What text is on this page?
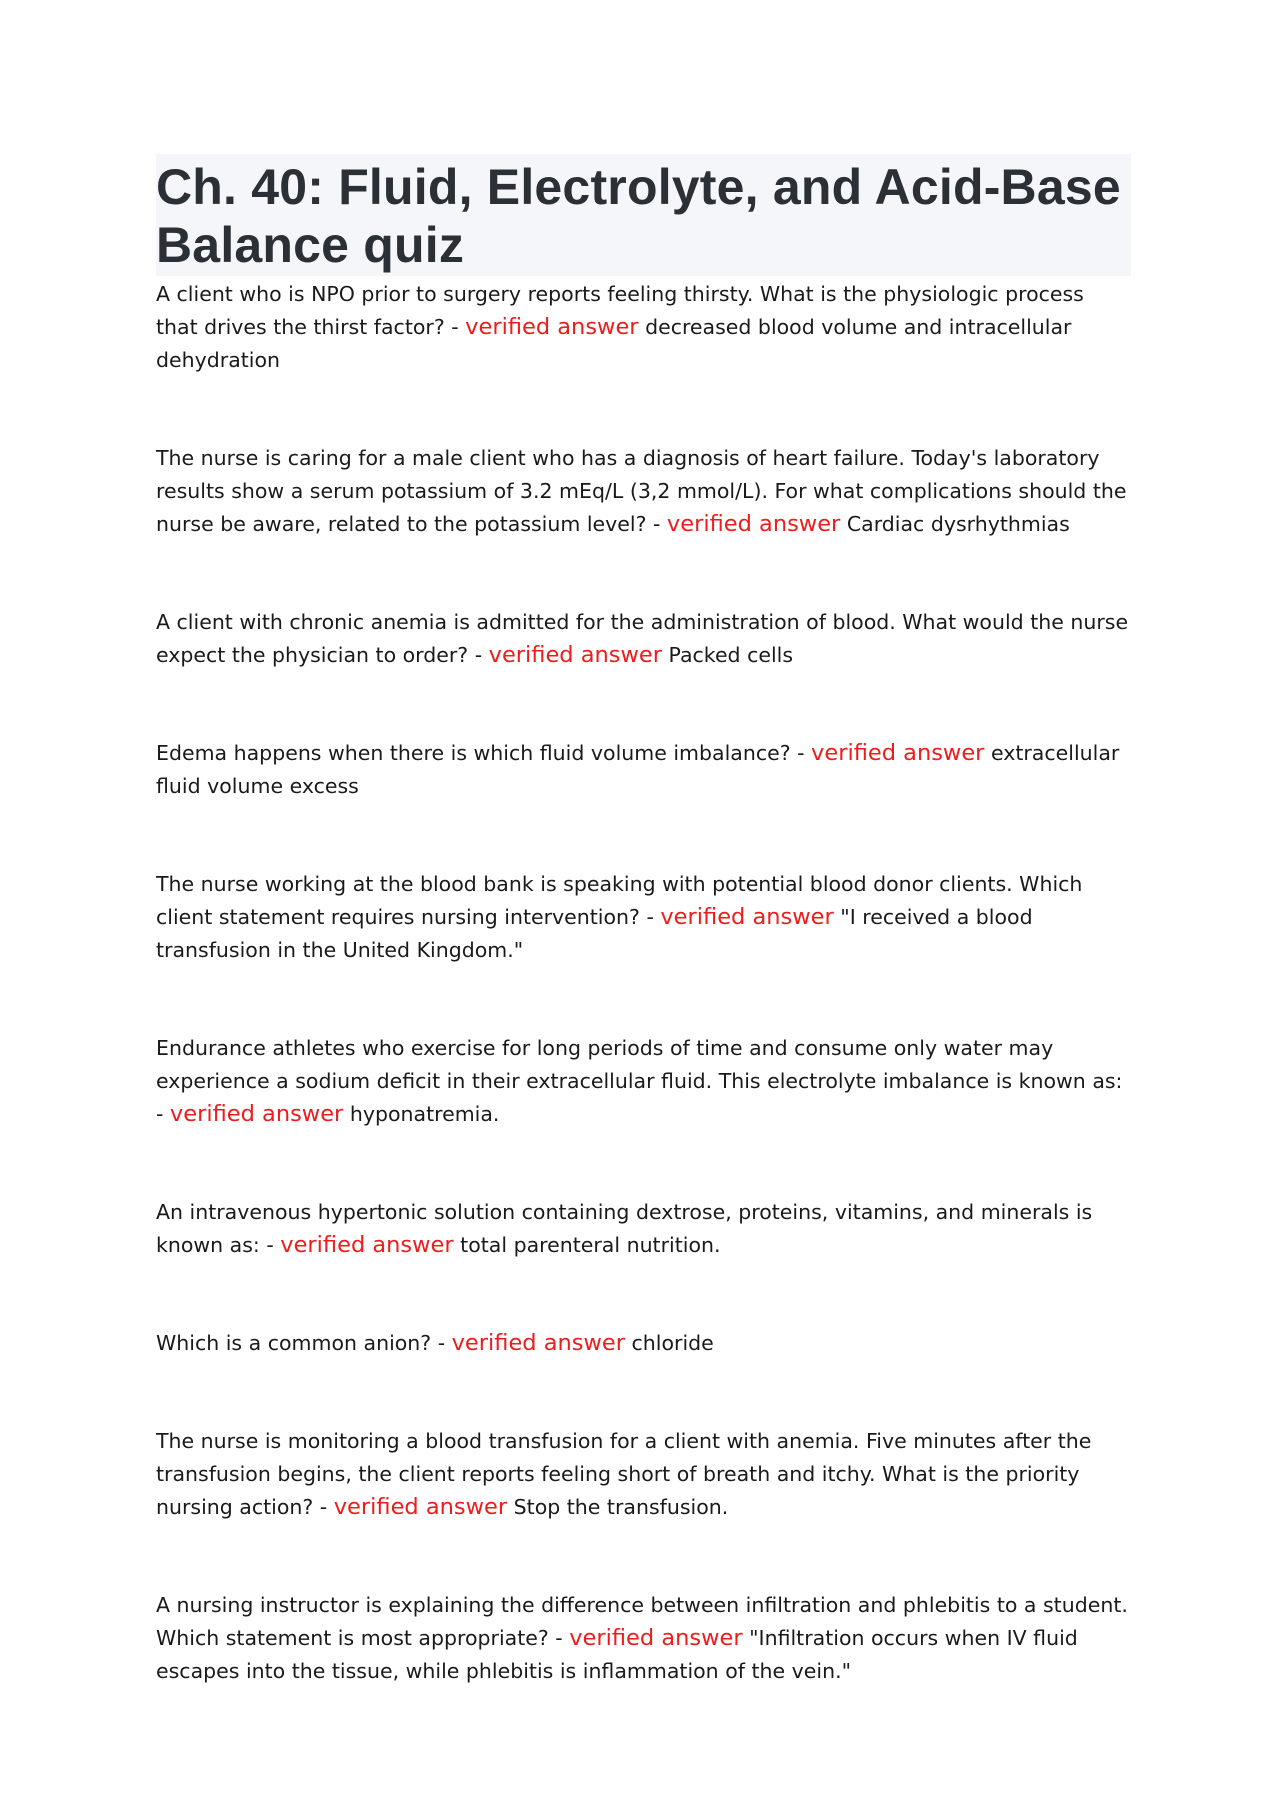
Ch. 40: Fluid, Electrolyte, and Acid-Base Balance quiz

A client who is NPO prior to surgery reports feeling thirsty. What is the physiologic process that drives the thirst factor? - verified answer decreased blood volume and intracellular dehydration

The nurse is caring for a male client who has a diagnosis of heart failure. Today's laboratory results show a serum potassium of 3.2 mEq/L (3,2 mmol/L). For what complications should the nurse be aware, related to the potassium level? - verified answer Cardiac dysrhythmias

A client with chronic anemia is admitted for the administration of blood. What would the nurse expect the physician to order? - verified answer Packed cells

Edema happens when there is which fluid volume imbalance? - verified answer extracellular fluid volume excess

The nurse working at the blood bank is speaking with potential blood donor clients. Which client statement requires nursing intervention? - verified answer "I received a blood transfusion in the United Kingdom."

Endurance athletes who exercise for long periods of time and consume only water may experience a sodium deficit in their extracellular fluid. This electrolyte imbalance is known as: - verified answer hyponatremia.

An intravenous hypertonic solution containing dextrose, proteins, vitamins, and minerals is known as: - verified answer total parenteral nutrition.

Which is a common anion? - verified answer chloride

The nurse is monitoring a blood transfusion for a client with anemia. Five minutes after the transfusion begins, the client reports feeling short of breath and itchy. What is the priority nursing action? - verified answer Stop the transfusion.

A nursing instructor is explaining the difference between infiltration and phlebitis to a student. Which statement is most appropriate? - verified answer "Infiltration occurs when IV fluid escapes into the tissue, while phlebitis is inflammation of the vein."
